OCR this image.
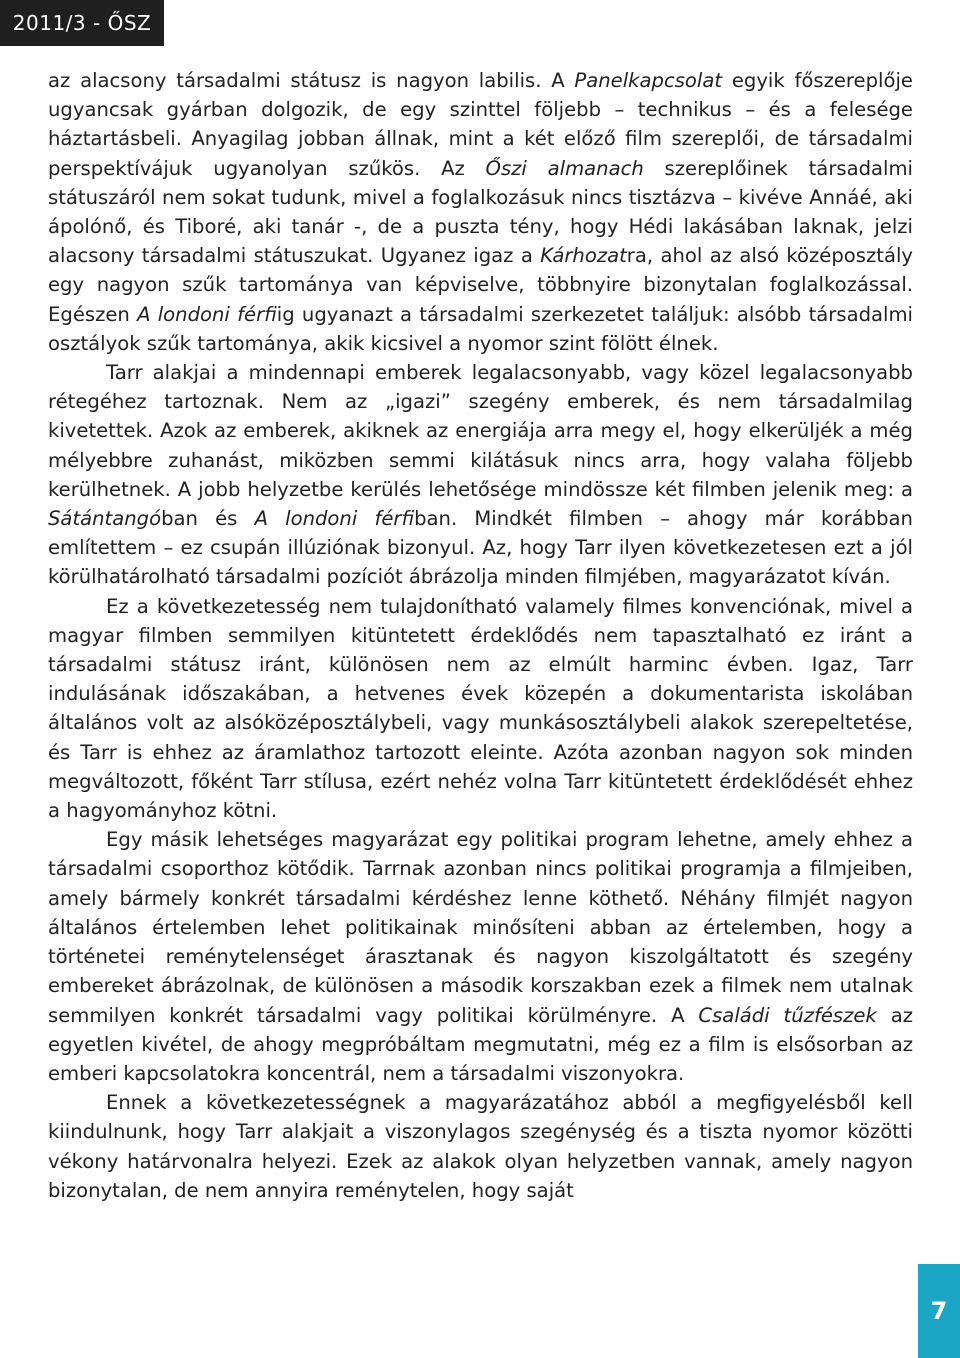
2011/3 - ŐSZ

az alacsony társadalmi státusz is nagyon labilis. A Panelkapcsolat egyik főszereplője ugyancsak gyárban dolgozik, de egy szinttel följebb – technikus – és a felesége háztartásbeli. Anyagilag jobban állnak, mint a két előző film szereplői, de társadalmi perspektívájuk ugyanolyan szűkös. Az Őszi almanach szereplőinek társadalmi státuszáról nem sokat tudunk, mivel a foglalkozásuk nincs tisztázva – kivéve Annáé, aki ápolónő, és Tiboré, aki tanár -, de a puszta tény, hogy Hédi lakásában laknak, jelzi alacsony társadalmi státuszukat. Ugyanez igaz a Kárhozatra, ahol az alsó középosztály egy nagyon szűk tartománya van képviselve, többnyire bizonytalan foglalkozással. Egészen A londoni férfiig ugyanazt a társadalmi szerkezetet találjuk: alsóbb társadalmi osztályok szűk tartománya, akik kicsivel a nyomor szint fölött élnek.

Tarr alakjai a mindennapi emberek legalacsonyabb, vagy közel legalacsonyabb rétegéhez tartoznak. Nem az „igazi” szegény emberek, és nem társadalmilag kivetettek. Azok az emberek, akiknek az energiája arra megy el, hogy elkerüljék a még mélyebbre zuhanást, miközben semmi kilátásuk nincs arra, hogy valaha följebb kerülhetnek. A jobb helyzetbe kerülés lehetősége mindössze két filmben jelenik meg: a Sátántangóban és A londoni férfiban. Mindkét filmben – ahogy már korábban említettem – ez csupán illúziónak bizonyul. Az, hogy Tarr ilyen következetesen ezt a jól körülhatárolható társadalmi pozíciót ábrázolja minden filmjében, magyarázatot kíván.

Ez a következetesség nem tulajdonítható valamely filmes konvenciónak, mivel a magyar filmben semmilyen kitüntetett érdeklődés nem tapasztalható ez iránt a társadalmi státusz iránt, különösen nem az elmúlt harminc évben. Igaz, Tarr indulásának időszakában, a hetvenes évek közepén a dokumentarista iskolában általános volt az alsóközéposztálybeli, vagy munkásosztálybeli alakok szerepeltetése, és Tarr is ehhez az áramlathoz tartozott eleinte. Azóta azonban nagyon sok minden megváltozott, főként Tarr stílusa, ezért nehéz volna Tarr kitüntetett érdeklődését ehhez a hagyományhoz kötni.

Egy másik lehetséges magyarázat egy politikai program lehetne, amely ehhez a társadalmi csoporthoz kötődik. Tarrnak azonban nincs politikai programja a filmjeiben, amely bármely konkrét társadalmi kérdéshez lenne köthető. Néhány filmjét nagyon általános értelemben lehet politikainak minősíteni abban az értelemben, hogy a történetei reménytelenséget árasztanak és nagyon kiszolgáltatott és szegény embereket ábrázolnak, de különösen a második korszakban ezek a filmek nem utalnak semmilyen konkrét társadalmi vagy politikai körülményre. A Családi tűzfészek az egyetlen kivétel, de ahogy megpróbáltam megmutatni, még ez a film is elsősorban az emberi kapcsolatokra koncentrál, nem a társadalmi viszonyokra.

Ennek a következetességnek a magyarázatához abból a megfigyelésből kell kiindulnunk, hogy Tarr alakjait a viszonylagos szegénység és a tiszta nyomor közötti vékony határvonalra helyezi. Ezek az alakok olyan helyzetben vannak, amely nagyon bizonytalan, de nem annyira reménytelen, hogy saját

7
